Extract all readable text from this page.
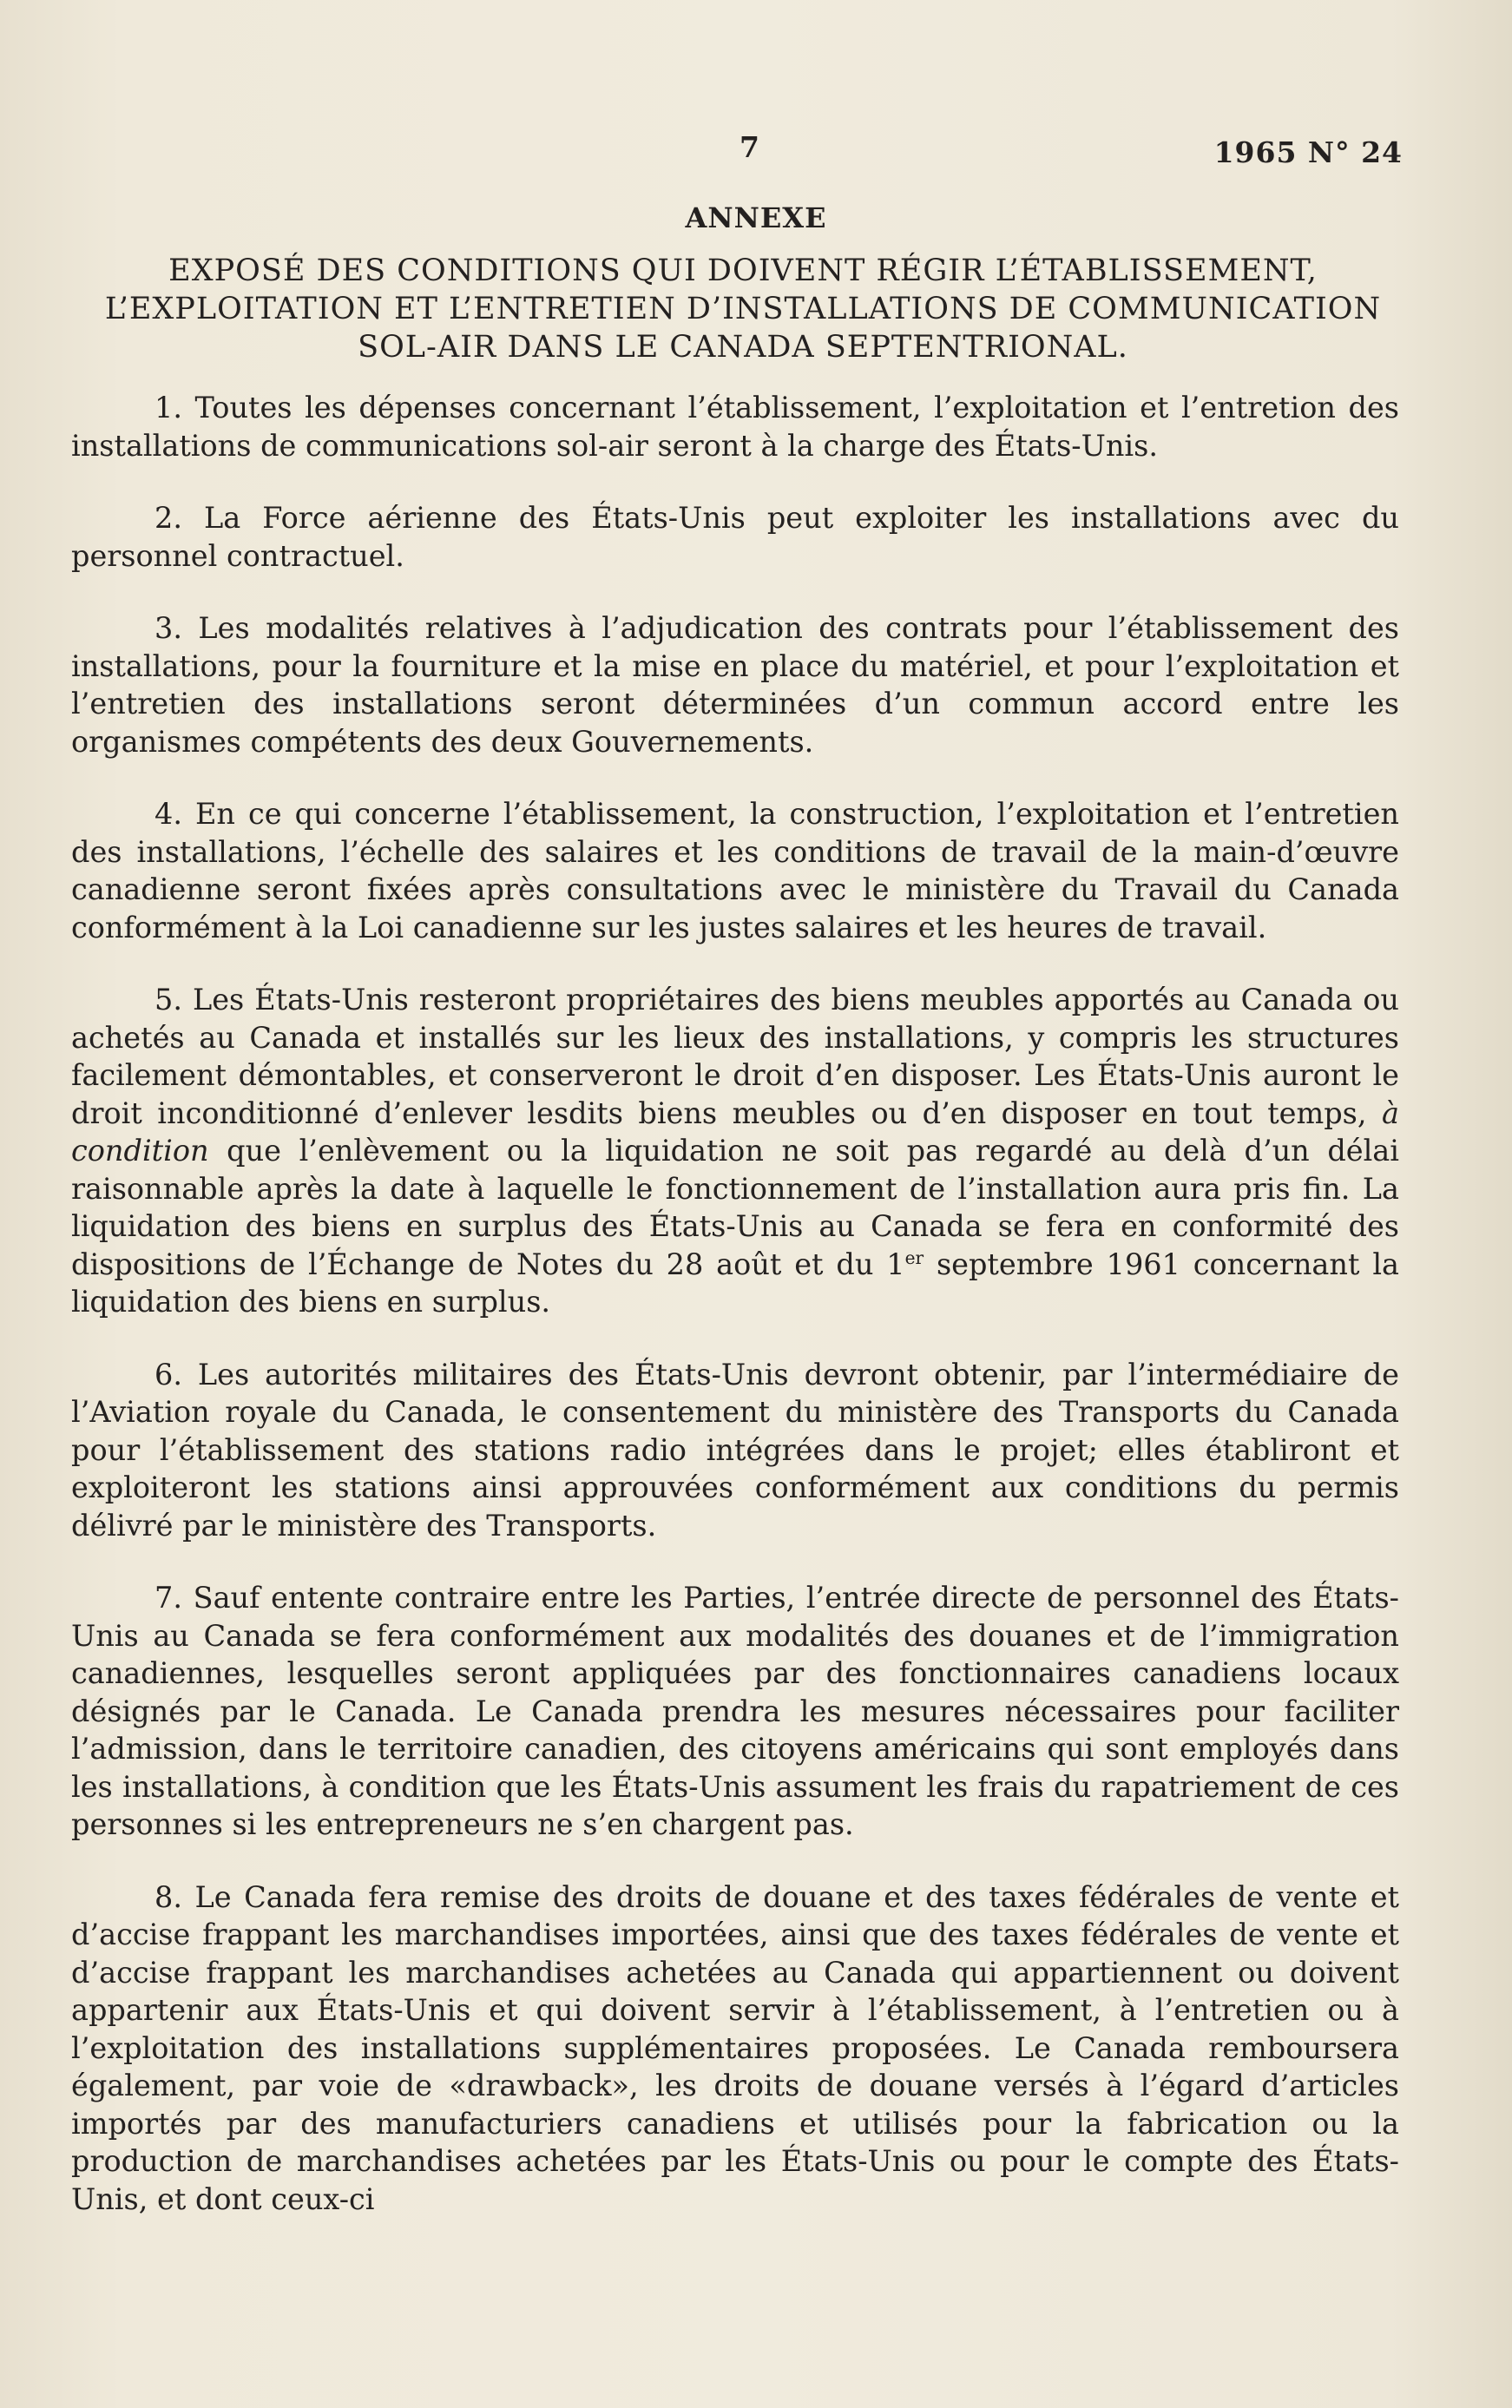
7	1965 N° 24
ANNEXE
EXPOSÉ DES CONDITIONS QUI DOIVENT RÉGIR L’ÉTABLISSEMENT, L’EXPLOITATION ET L’ENTRETIEN D’INSTALLATIONS DE COMMUNICATION SOL-AIR DANS LE CANADA SEPTENTRIONAL.

1. Toutes les dépenses concernant l’établissement, l’exploitation et l’entretion des installations de communications sol-air seront à la charge des États-Unis.

2. La Force aérienne des États-Unis peut exploiter les installations avec du personnel contractuel.

3. Les modalités relatives à l’adjudication des contrats pour l’établissement des installations, pour la fourniture et la mise en place du matériel, et pour l’exploitation et l’entretien des installations seront déterminées d’un commun accord entre les organismes compétents des deux Gouvernements.

4. En ce qui concerne l’établissement, la construction, l’exploitation et l’entretien des installations, l’échelle des salaires et les conditions de travail de la main-d’œuvre canadienne seront fixées après consultations avec le ministère du Travail du Canada conformément à la Loi canadienne sur les justes salaires et les heures de travail.

5. Les États-Unis resteront propriétaires des biens meubles apportés au Canada ou achetés au Canada et installés sur les lieux des installations, y compris les structures facilement démontables, et conserveront le droit d’en disposer. Les États-Unis auront le droit inconditionné d’enlever lesdits biens meubles ou d’en disposer en tout temps, à condition que l’enlèvement ou la liquidation ne soit pas regardé au delà d’un délai raisonnable après la date à laquelle le fonctionnement de l’installation aura pris fin. La liquidation des biens en surplus des États-Unis au Canada se fera en conformité des dispositions de l’Échange de Notes du 28 août et du 1er septembre 1961 concernant la liquidation des biens en surplus.

6. Les autorités militaires des États-Unis devront obtenir, par l’intermédiaire de l’Aviation royale du Canada, le consentement du ministère des Transports du Canada pour l’établissement des stations radio intégrées dans le projet; elles établiront et exploiteront les stations ainsi approuvées conformément aux conditions du permis délivré par le ministère des Transports.

7. Sauf entente contraire entre les Parties, l’entrée directe de personnel des États-Unis au Canada se fera conformément aux modalités des douanes et de l’immigration canadiennes, lesquelles seront appliquées par des fonctionnaires canadiens locaux désignés par le Canada. Le Canada prendra les mesures nécessaires pour faciliter l’admission, dans le territoire canadien, des citoyens américains qui sont employés dans les installations, à condition que les États-Unis assument les frais du rapatriement de ces personnes si les entrepreneurs ne s’en chargent pas.

8. Le Canada fera remise des droits de douane et des taxes fédérales de vente et d’accise frappant les marchandises importées, ainsi que des taxes fédérales de vente et d’accise frappant les marchandises achetées au Canada qui appartiennent ou doivent appartenir aux États-Unis et qui doivent servir à l’établissement, à l’entretien ou à l’exploitation des installations supplémentaires proposées. Le Canada remboursera également, par voie de «drawback», les droits de douane versés à l’égard d’articles importés par des manufacturiers canadiens et utilisés pour la fabrication ou la production de marchandises achetées par les États-Unis ou pour le compte des États-Unis, et dont ceux-ci
